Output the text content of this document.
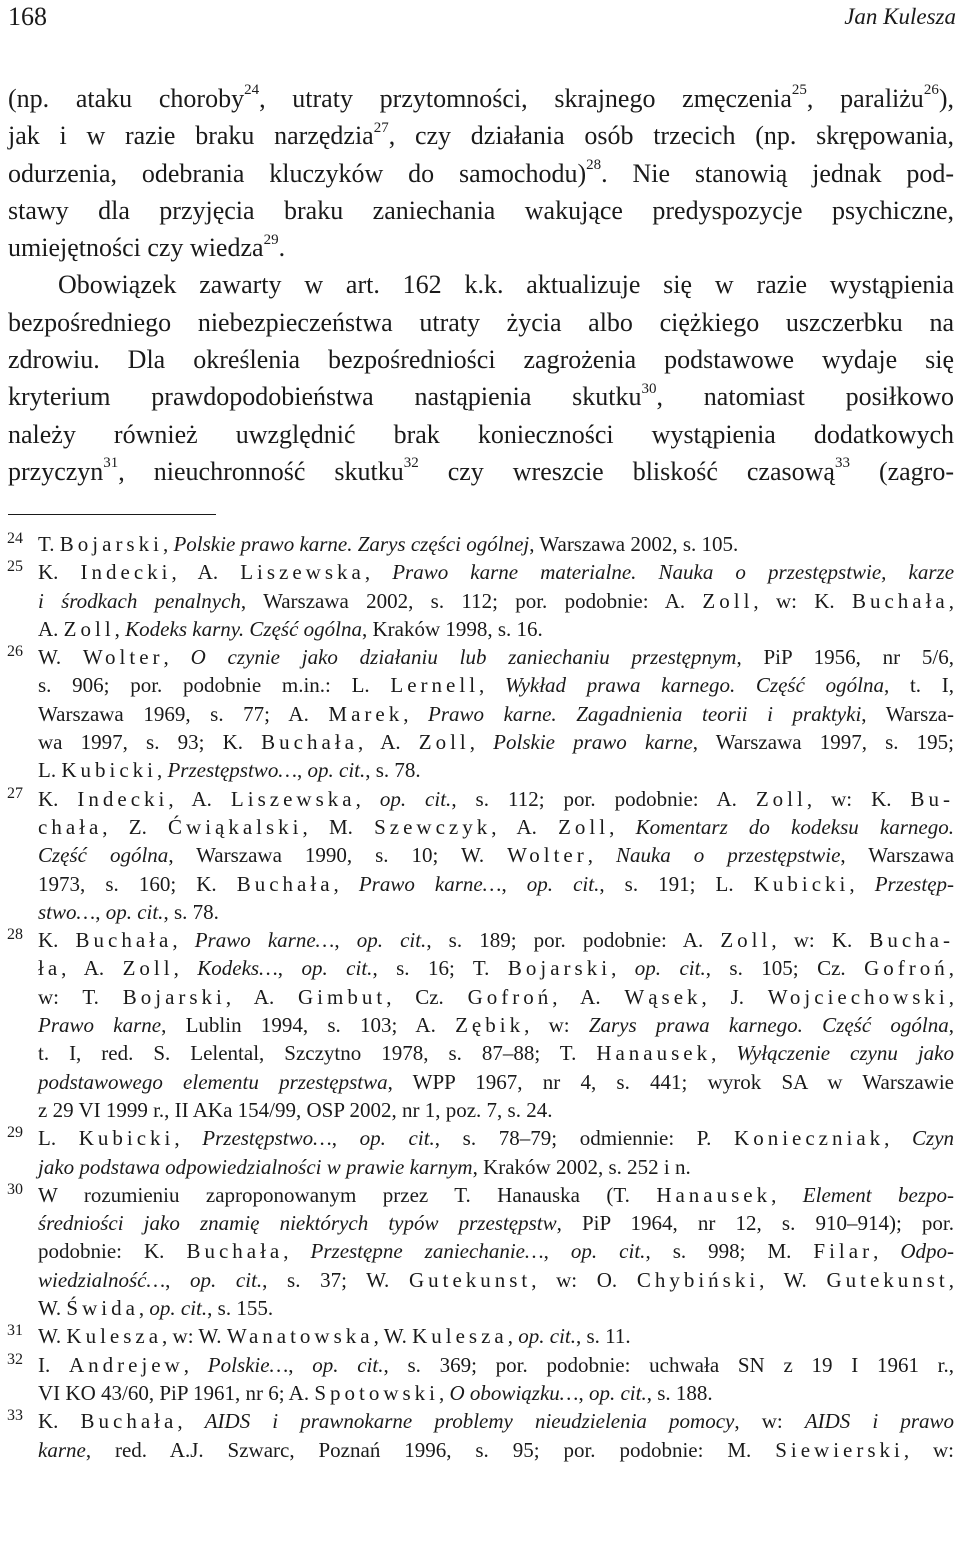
168	Jan Kulesza
(np. ataku choroby$^{24}$, utraty przytomności, skrajnego zmęczenia$^{25}$, paraliżu$^{26}$),
jak i w razie braku narzędzia$^{27}$, czy działania osób trzecich (np. skrępowania,
odurzenia, odebrania kluczyków do samochodu)$^{28}$. Nie stanowią jednak pod-
stawy dla przyjęcia braku zaniechania wakujące predyspozycje psychiczne,
umiejętności czy wiedza$^{29}$.
Obowiązek zawarty w art. 162 k.k. aktualizuje się w razie wystąpienia
bezpośredniego niebezpieczeństwa utraty życia albo ciężkiego uszczerbku na
zdrowiu. Dla określenia bezpośredniości zagrożenia podstawowe wydaje się
kryterium prawdopodobieństwa nastąpienia skutku$^{30}$, natomiast posiłkowo
należy również uwzględnić brak konieczności wystąpienia dodatkowych
przyczyn$^{31}$, nieuchronność skutku$^{32}$ czy wreszcie bliskość czasową$^{33}$ (zagro-
24 T. Bojarski, Polskie prawo karne. Zarys części ogólnej, Warszawa 2002, s. 105.
25 K. Indecki, A. Liszewska, Prawo karne materialne. Nauka o przestępstwie, karze
i środkach penalnych, Warszawa 2002, s. 112; por. podobnie: A. Zoll, w: K. Buchała,
A. Zoll, Kodeks karny. Część ogólna, Kraków 1998, s. 16.
26 W. Wolter, O czynie jako działaniu lub zaniechaniu przestępnym, PiP 1956, nr 5/6,
s. 906; por. podobnie m.in.: L. Lernell, Wykład prawa karnego. Część ogólna, t. I,
Warszawa 1969, s. 77; A. Marek, Prawo karne. Zagadnienia teorii i praktyki, Warsza-
wa 1997, s. 93; K. Buchała, A. Zoll, Polskie prawo karne, Warszawa 1997, s. 195;
L. Kubicki, Przestępstwo…, op. cit., s. 78.
27 K. Indecki, A. Liszewska, op. cit., s. 112; por. podobnie: A. Zoll, w: K. Bu-
chała, Z. Ćwiąkalski, M. Szewczyk, A. Zoll, Komentarz do kodeksu karnego.
Część ogólna, Warszawa 1990, s. 10; W. Wolter, Nauka o przestępstwie, Warszawa
1973, s. 160; K. Buchała, Prawo karne…, op. cit., s. 191; L. Kubicki, Przestęp-
stwo…, op. cit., s. 78.
28 K. Buchała, Prawo karne…, op. cit., s. 189; por. podobnie: A. Zoll, w: K. Bucha-
ła, A. Zoll, Kodeks…, op. cit., s. 16; T. Bojarski, op. cit., s. 105; Cz. Gofroń,
w: T. Bojarski, A. Gimbut, Cz. Gofroń, A. Wąsek, J. Wojciechowski,
Prawo karne, Lublin 1994, s. 103; A. Zębik, w: Zarys prawa karnego. Część ogólna,
t. I, red. S. Lelental, Szczytno 1978, s. 87–88; T. Hanausek, Wyłączenie czynu jako
podstawowego elementu przestępstwa, WPP 1967, nr 4, s. 441; wyrok SA w Warszawie
z 29 VI 1999 r., II AKa 154/99, OSP 2002, nr 1, poz. 7, s. 24.
29 L. Kubicki, Przestępstwo…, op. cit., s. 78–79; odmiennie: P. Konieczniak, Czyn
jako podstawa odpowiedzialności w prawie karnym, Kraków 2002, s. 252 i n.
30 W rozumieniu zaproponowanym przez T. Hanauska (T. Hanausek, Element bezpo-
średniości jako znamię niektórych typów przestępstw, PiP 1964, nr 12, s. 910–914); por.
podobnie: K. Buchała, Przestępne zaniechanie…, op. cit., s. 998; M. Filar, Odpo-
wiedzialność…, op. cit., s. 37; W. Gutekunst, w: O. Chybiński, W. Gutekunst,
W. Świda, op. cit., s. 155.
31 W. Kulesza, w: W. Wanatowska, W. Kulesza, op. cit., s. 11.
32 I. Andrejew, Polskie…, op. cit., s. 369; por. podobnie: uchwała SN z 19 I 1961 r.,
VI KO 43/60, PiP 1961, nr 6; A. Spotowski, O obowiązku…, op. cit., s. 188.
33 K. Buchała, AIDS i prawnokarne problemy nieudzielenia pomocy, w: AIDS i prawo
karne, red. A.J. Szwarc, Poznań 1996, s. 95; por. podobnie: M. Siewierski, w:
